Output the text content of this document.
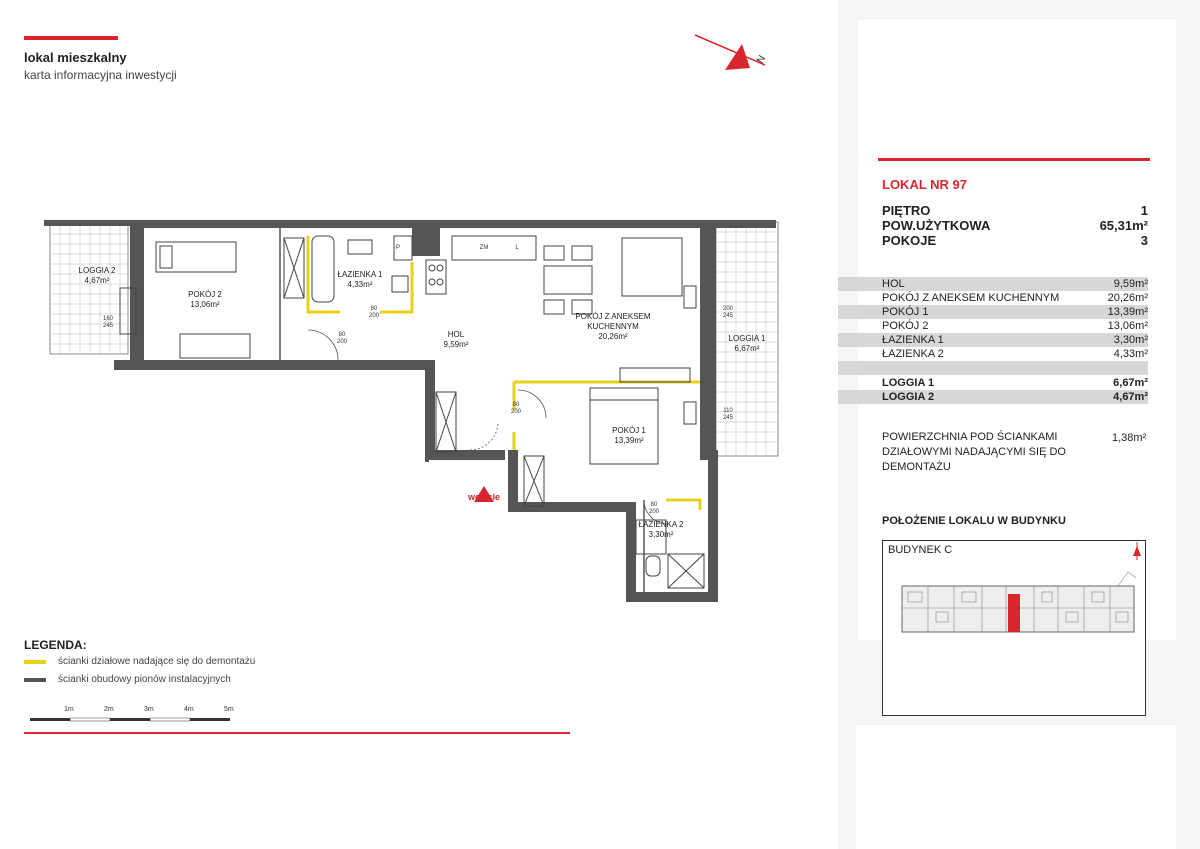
lokal mieszkalny
karta informacyjna inwestycji
N
LOGGIA 2
4,67m²
POKÓJ 2
13,06m²
ŁAZIENKA 1
4,33m²
HOL
9,59m²
POKÓJ Z ANEKSEM
KUCHENNYM
20,26m²	LOGGIA 1
6,67m²
POKÓJ 1
13,39m²
ŁAZIENKA 2
3,30m²
wejście
P	ZM	L
160
245
80
200
80
200
80
200
80
200
200
245
110
245
LEGENDA:
ścianki działowe nadające się do demontażu
ścianki obudowy pionów instalacyjnych
1m	2m	3m	4m	5m
LOKAL NR 97
PIĘTRO	1
POW.UŻYTKOWA	65,31m²
POKOJE	3
HOL	9,59m²
POKÓJ Z ANEKSEM KUCHENNYM	20,26m²
POKÓJ 1	13,39m²
POKÓJ 2	13,06m²
ŁAZIENKA 1	3,30m²
ŁAZIENKA 2	4,33m²
LOGGIA 1	6,67m²
LOGGIA 2	4,67m²
POWIERZCHNIA POD ŚCIANKAMI DZIAŁOWYMI NADAJĄCYMI SIĘ DO DEMONTAŻU
1,38m²
POŁOŻENIE LOKALU W BUDYNKU
BUDYNEK C
